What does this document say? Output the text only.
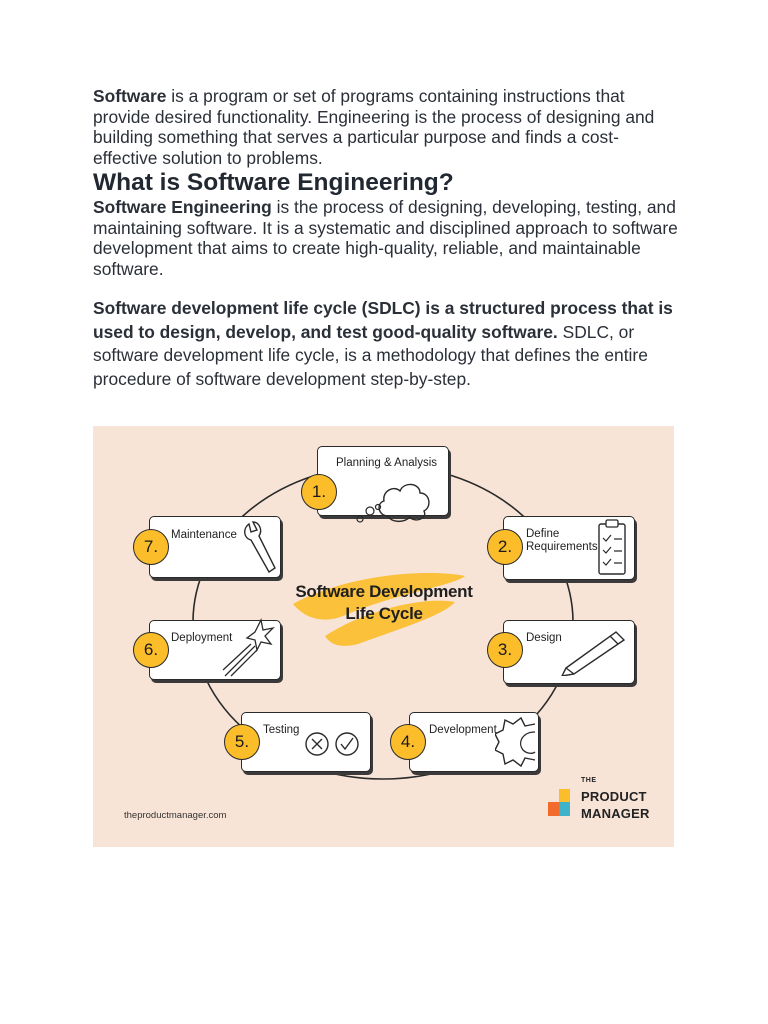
Software is a program or set of programs containing instructions that provide desired functionality. Engineering is the process of designing and building something that serves a particular purpose and finds a cost-effective solution to problems.

What is Software Engineering?

Software Engineering is the process of designing, developing, testing, and maintaining software. It is a systematic and disciplined approach to software development that aims to create high-quality, reliable, and maintainable software.

Software development life cycle (SDLC) is a structured process that is used to design, develop, and test good-quality software. SDLC, or software development life cycle, is a methodology that defines the entire procedure of software development step-by-step.

Software Development
Life Cycle
Planning & Analysis
1.
Define
Requirements
2.
Design
3.
Development
4.
Testing
5.
Deployment
6.
Maintenance
7.
theproductmanager.com
THE
PRODUCT
MANAGER
